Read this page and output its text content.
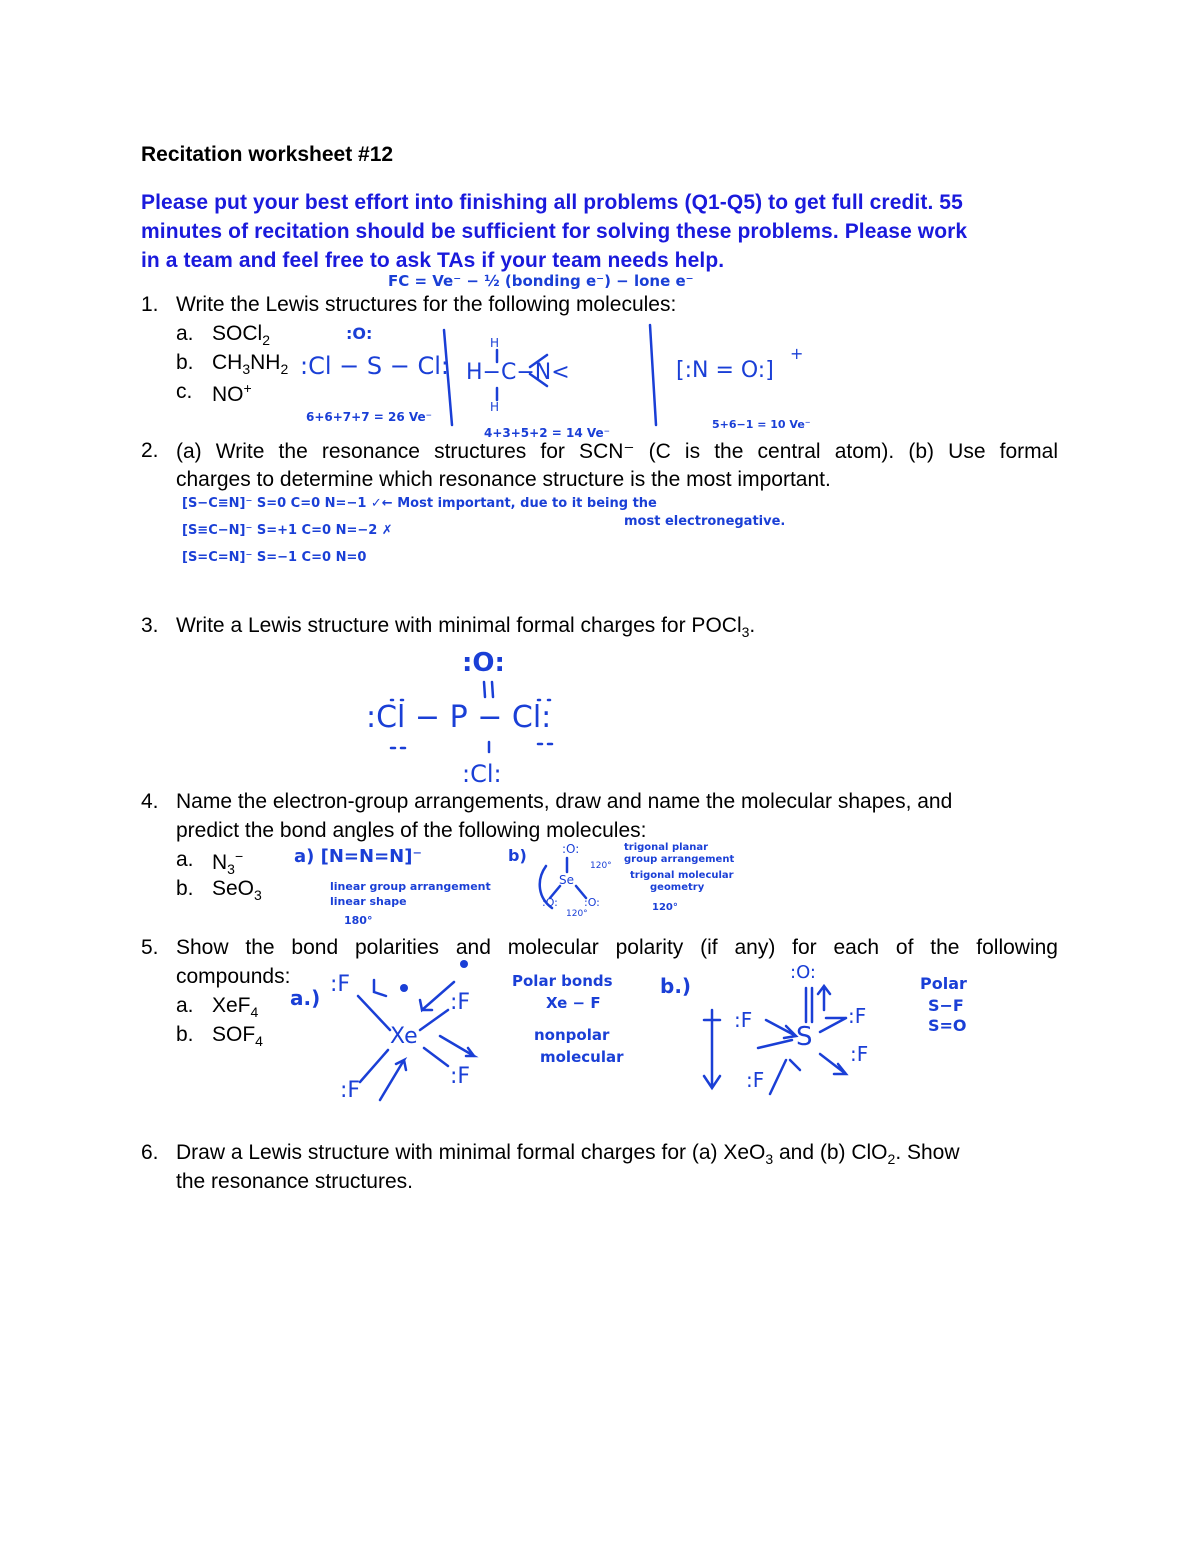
Recitation worksheet #12
Please put your best effort into finishing all problems (Q1-Q5) to get full credit. 55
minutes of recitation should be sufficient for solving these problems. Please work
in a team and feel free to ask TAs if your team needs help.
FC = Ve⁻ − ½ (bonding e⁻) − lone e⁻
1. Write the Lewis structures for the following molecules:
a. SOCl$_2$
b. $CH_3NH_2$
c. NO+
:O:
:Cl − S − Cl:
6+6+7+7 = 26 Ve⁻
H
H−C−N<
H
4+3+5+2 = 14 Ve⁻
[:N = O:]
+
5+6−1 = 10 Ve⁻
2. (a) Write the resonance structures for SCN⁻ (C is the central atom). (b) Use formal
charges to determine which resonance structure is the most important.
[S−C≡N]⁻ S=0 C=0 N=−1 ✓← Most important, due to it being the
most electronegative.
[S≡C−N]⁻ S=+1 C=0 N=−2 ✗
[S=C=N]⁻ S=−1 C=0 N=0
3. Write a Lewis structure with minimal formal charges for POCl$_3$.
:O:
:Cl − P − Cl:
:Cl:
4. Name the electron-group arrangements, draw and name the molecular shapes, and
predict the bond angles of the following molecules:
a. $N_3^-$
b. SeO$_3$
a) [N=N=N]⁻
linear group arrangement
linear shape
180°
b)	:O:
Se
:O: :O:
120°
120°
trigonal planar
group arrangement
trigonal molecular
geometry
120°
5. Show the bond polarities and molecular polarity (if any) for each of the following
compounds:
a. XeF$_4$
b. $SOF_4$
a.)
:F
:F
Xe
:F
:F
Polar bonds
Xe − F
nonpolar
molecular
b.)
:O:
S
:F	:F
:F
:F
Polar
S−F
S=O
6. Draw a Lewis structure with minimal formal charges for (a) XeO$_3$ and (b) ClO$_2$. Show
the resonance structures.
